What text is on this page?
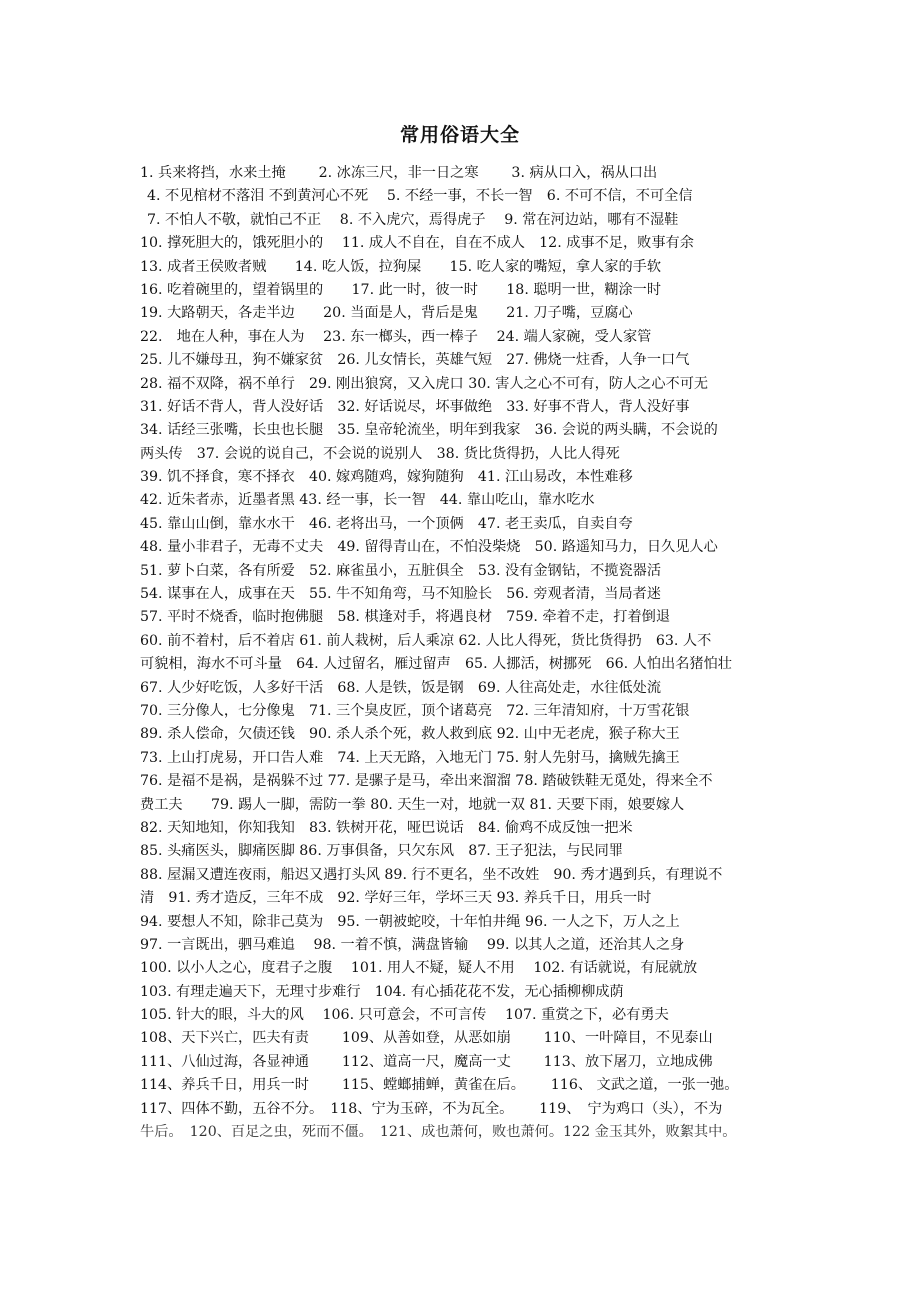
常用俗语大全
1. 兵来将挡，水来土掩　　 2. 冰冻三尺，非一日之寒　　 3. 病从口入，祸从口出
4. 不见棺材不落泪 不到黄河心不死　 5. 不经一事，不长一智　6. 不可不信，不可全信
7. 不怕人不敬，就怕己不正　 8. 不入虎穴，焉得虎子　 9. 常在河边站，哪有不湿鞋
10. 撑死胆大的，饿死胆小的　 11. 成人不自在，自在不成人　12. 成事不足，败事有余
13. 成者王侯败者贼　　14. 吃人饭，拉狗屎　　15. 吃人家的嘴短，拿人家的手软
16. 吃着碗里的，望着锅里的　　17. 此一时，彼一时　　18. 聪明一世，糊涂一时
19. 大路朝天，各走半边　　20. 当面是人，背后是鬼　　21. 刀子嘴，豆腐心
22.　地在人种，事在人为　 23. 东一榔头，西一棒子　 24. 端人家碗，受人家管
25. 儿不嫌母丑，狗不嫌家贫　26. 儿女情长，英雄气短　27. 佛烧一炷香，人争一口气
28. 福不双降，祸不单行　29. 刚出狼窝，又入虎口 30. 害人之心不可有，防人之心不可无
31. 好话不背人，背人没好话　32. 好话说尽，坏事做绝　33. 好事不背人，背人没好事
34. 话经三张嘴，长虫也长腿　35. 皇帝轮流坐，明年到我家　36. 会说的两头瞒，不会说的
两头传　37. 会说的说自己，不会说的说别人　38. 货比货得扔，人比人得死
39. 饥不择食，寒不择衣　40. 嫁鸡随鸡，嫁狗随狗　41. 江山易改，本性难移
42. 近朱者赤，近墨者黑 43. 经一事，长一智　44. 靠山吃山，靠水吃水
45. 靠山山倒，靠水水干　46. 老将出马，一个顶俩　47. 老王卖瓜，自卖自夸
48. 量小非君子，无毒不丈夫　49. 留得青山在，不怕没柴烧　50. 路遥知马力，日久见人心
51. 萝卜白菜，各有所爱　52. 麻雀虽小，五脏俱全　53. 没有金钢钻，不揽瓷器活
54. 谋事在人，成事在天　55. 牛不知角弯，马不知脸长　56. 旁观者清，当局者迷
57. 平时不烧香，临时抱佛腿　58. 棋逢对手，将遇良材　759. 牵着不走，打着倒退
60. 前不着村，后不着店 61. 前人栽树，后人乘凉 62. 人比人得死，货比货得扔　63. 人不
可貌相，海水不可斗量　64. 人过留名，雁过留声　65. 人挪活，树挪死　66. 人怕出名猪怕壮
67. 人少好吃饭，人多好干活　68. 人是铁，饭是钢　69. 人往高处走，水往低处流
70. 三分像人，七分像鬼　71. 三个臭皮匠，顶个诸葛亮　72. 三年清知府，十万雪花银
89. 杀人偿命，欠债还钱　90. 杀人杀个死，救人救到底 92. 山中无老虎，猴子称大王
73. 上山打虎易，开口告人难　74. 上天无路，入地无门 75. 射人先射马，擒贼先擒王
76. 是福不是祸，是祸躲不过 77. 是骡子是马，牵出来溜溜 78. 踏破铁鞋无觅处，得来全不
费工夫　　79. 踢人一脚，需防一拳 80. 天生一对，地就一双 81. 天要下雨，娘要嫁人
82. 天知地知，你知我知　83. 铁树开花，哑巴说话　84. 偷鸡不成反蚀一把米
85. 头痛医头，脚痛医脚 86. 万事俱备，只欠东风　87. 王子犯法，与民同罪
88. 屋漏又遭连夜雨，船迟又遇打头风 89. 行不更名，坐不改姓　90. 秀才遇到兵，有理说不
清　91. 秀才造反，三年不成　92. 学好三年，学坏三天 93. 养兵千日，用兵一时
94. 要想人不知，除非己莫为　95. 一朝被蛇咬，十年怕井绳 96. 一人之下，万人之上
97. 一言既出，驷马难追　 98. 一着不慎，满盘皆输　 99. 以其人之道，还治其人之身
100. 以小人之心，度君子之腹　 101. 用人不疑，疑人不用　 102. 有话就说，有屁就放
103. 有理走遍天下，无理寸步难行　104. 有心插花花不发，无心插柳柳成荫
105. 针大的眼，斗大的风　 106. 只可意会，不可言传　 107. 重赏之下，必有勇夫
108、天下兴亡，匹夫有责　　 109、从善如登，从恶如崩　　 110、一叶障目，不见泰山
111、八仙过海，各显神通　　 112、道高一尺，魔高一丈　　 113、放下屠刀，立地成佛
114、养兵千日，用兵一时　　 115、螳螂捕蝉，黄雀在后。　　 116、 文武之道，一张一弛。
117、四体不勤，五谷不分。　118、宁为玉碎，不为瓦全。　　 119、　宁为鸡口（头），不为
牛后。　120、百足之虫，死而不僵。　121、成也萧何，败也萧何。122 金玉其外，败絮其中。
